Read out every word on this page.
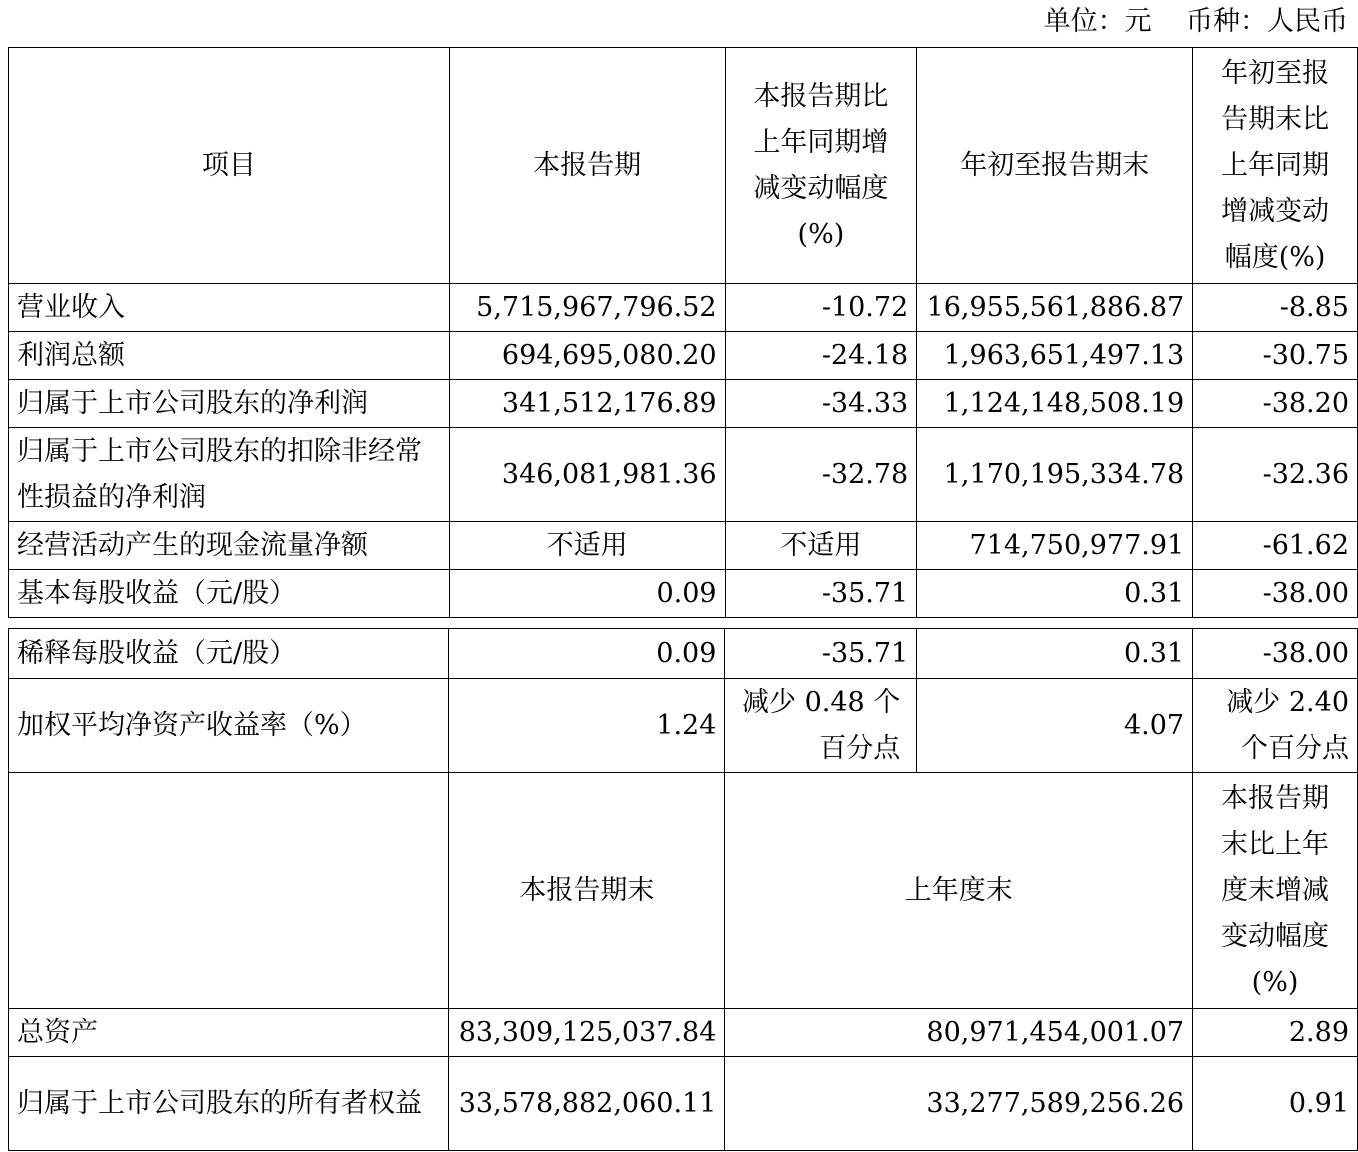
单位：元    币种：人民币
项目	本报告期	本报告期比上年同期增减变动幅度(%)	年初至报告期末	年初至报告期末比上年同期增减变动幅度(%)
营业收入	5,715,967,796.52	-10.72	16,955,561,886.87	-8.85
利润总额	694,695,080.20	-24.18	1,963,651,497.13	-30.75
归属于上市公司股东的净利润	341,512,176.89	-34.33	1,124,148,508.19	-38.20
归属于上市公司股东的扣除非经常性损益的净利润	346,081,981.36	-32.78	1,170,195,334.78	-32.36
经营活动产生的现金流量净额	不适用	不适用	714,750,977.91	-61.62
基本每股收益（元/股）	0.09	-35.71	0.31	-38.00
稀释每股收益（元/股）	0.09	-35.71	0.31	-38.00
加权平均净资产收益率（%）	1.24	减少 0.48 个百分点	4.07	减少 2.40 个百分点
	本报告期末	上年度末		本报告期末比上年度末增减变动幅度(%)
总资产	83,309,125,037.84	80,971,454,001.07		2.89
归属于上市公司股东的所有者权益	33,578,882,060.11	33,277,589,256.26		0.91
